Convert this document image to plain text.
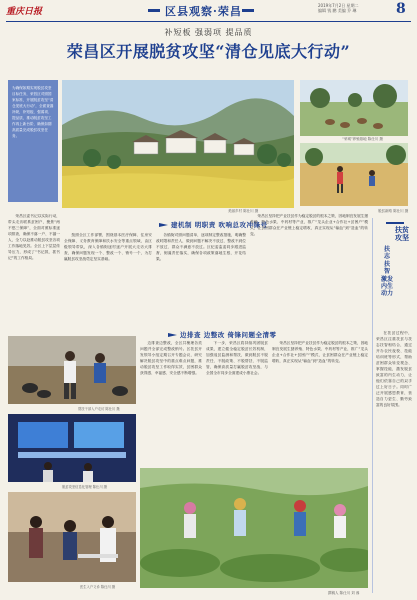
重庆日报	区县观察·荣昌	2019年7月2日 星期二
编辑 钱 鹏 美编 乔 琳	8
补短板 强弱项 提品质
荣昌区开展脱贫攻坚“清仓见底大行动”

为确保如期实现脱贫攻坚目标任务，荣昌区对照国家标准，开展脱贫攻坚“清仓见底大行动”，全面查漏补缺，补短板、强弱项、提品质，推动脱贫攻坚工作再上新台阶，确保如期高质量完成脱贫攻坚任务。

美丽乡村 陈仕川 摄
“荣城”养殖基地 陈仕川 摄
脱贫新路 陈仕川 摄

荣昌区委书记以实际行动，带头走访联系贫困户，聚焦“两不愁三保障”，全面对照标准逐项排查，确保不落一户、不漏一人，全力以赴推动脱贫攻坚各项工作落地见效。全区上下层层传导压力，形成了“书记抓、抓书记”的工作格局。

建机制 明职责 吹响总攻冲锋号

按照全区工作部署，围绕基本医疗保障、住房安全保障、义务教育保障和饮水安全等重点领域，由区级领导带队，深入各镇街逐村逐户开展大走访大排查，确保问题发现一个、整改一个、销号一个，为打赢脱贫攻坚战奠定坚实基础。

各镇街对照问题清单，逐项制定整改措施，明确整改时限和责任人，做到问题不解决不放过、整改不到位不放过、群众不满意不放过。区纪委监委同步跟进监督，倒逼责任落实，确保各项政策落地生根、开花结果。

荣昌区坚持把产业扶贫作为稳定脱贫的根本之策，因地制宜发展生猪养殖、特色水果、中药材等产业，推广“龙头企业+合作社+贫困户”模式，让贫困群众在产业链上稳定增收，真正实现从“输血”到“造血”的转变。	扶贫攻坚
扶 志 扶 智 激发内生动力

在扶贫过程中，荣昌区注重扶贫与扶志扶智相结合，通过开办农民夜校、技能培训班等形式，帮助贫困群众转变观念、掌握技能，激发脱贫致富的内生动力，让他们依靠自己的双手过上好日子。同时广泛开展感恩教育，营造自力更生、勤劳致富的良好氛围。

帮扶干部入户走访 陈仕川 摄
脱贫攻坚信息化管理 陈仕川 摄
医生入户义诊 陈仕川 摄
边排查 边整改 倚锋问题全清零

边排查边整改，全区共梳理各类问题并全部完成整改销号。区扶贫开发领导小组定期召开专题会议，研究解决脱贫攻坚中的重点难点问题，推动脱贫攻坚工作取得实效，贫困群众获得感、幸福感、安全感不断增强。

下一步，荣昌区将持续巩固脱贫成果，建立健全稳定脱贫长效机制，加强返贫监测和帮扶，做到脱贫不脱责任、不脱政策、不脱帮扶、不脱监管，确保高质量打赢脱贫攻坚战，与全国全市同步全面建成小康社会。

荣昌区坚持把产业扶贫作为稳定脱贫的根本之策，因地制宜发展生猪养殖、特色水果、中药材等产业，推广“龙头企业+合作社+贫困户”模式，让贫困群众在产业链上稳定增收，真正实现从“输血”到“造血”的转变。

撰稿人 陈仕川 刘 蓉
